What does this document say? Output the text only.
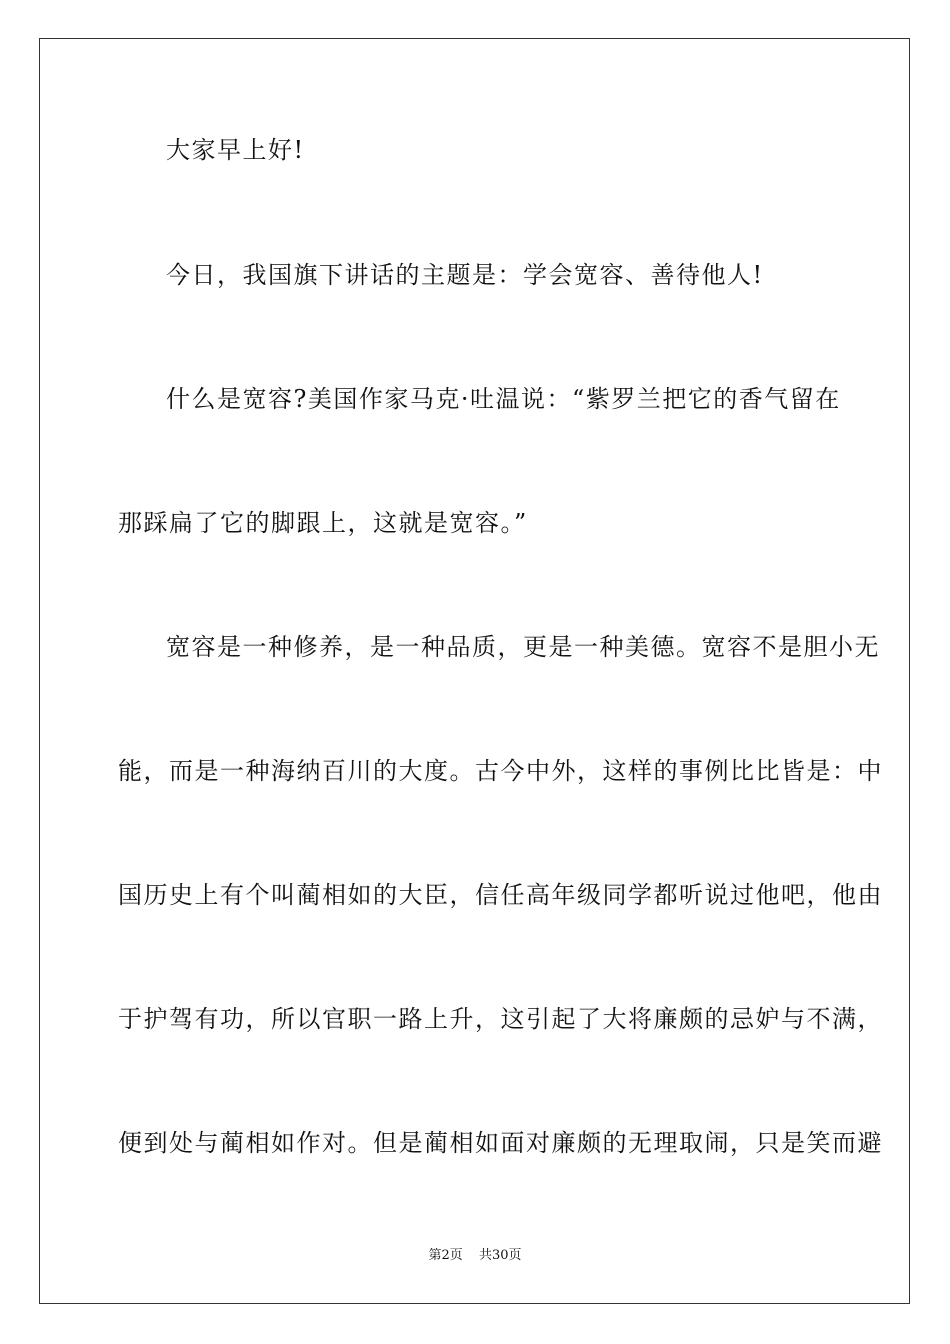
大家早上好!
今日，我国旗下讲话的主题是：学会宽容、善待他人!
什么是宽容?美国作家马克·吐温说：“紫罗兰把它的香气留在
那踩扁了它的脚跟上，这就是宽容。”
宽容是一种修养，是一种品质，更是一种美德。宽容不是胆小无
能，而是一种海纳百川的大度。古今中外，这样的事例比比皆是：中
国历史上有个叫蔺相如的大臣，信任高年级同学都听说过他吧，他由
于护驾有功，所以官职一路上升，这引起了大将廉颇的忌妒与不满，
便到处与蔺相如作对。但是蔺相如面对廉颇的无理取闹，只是笑而避
第2页 共30页
